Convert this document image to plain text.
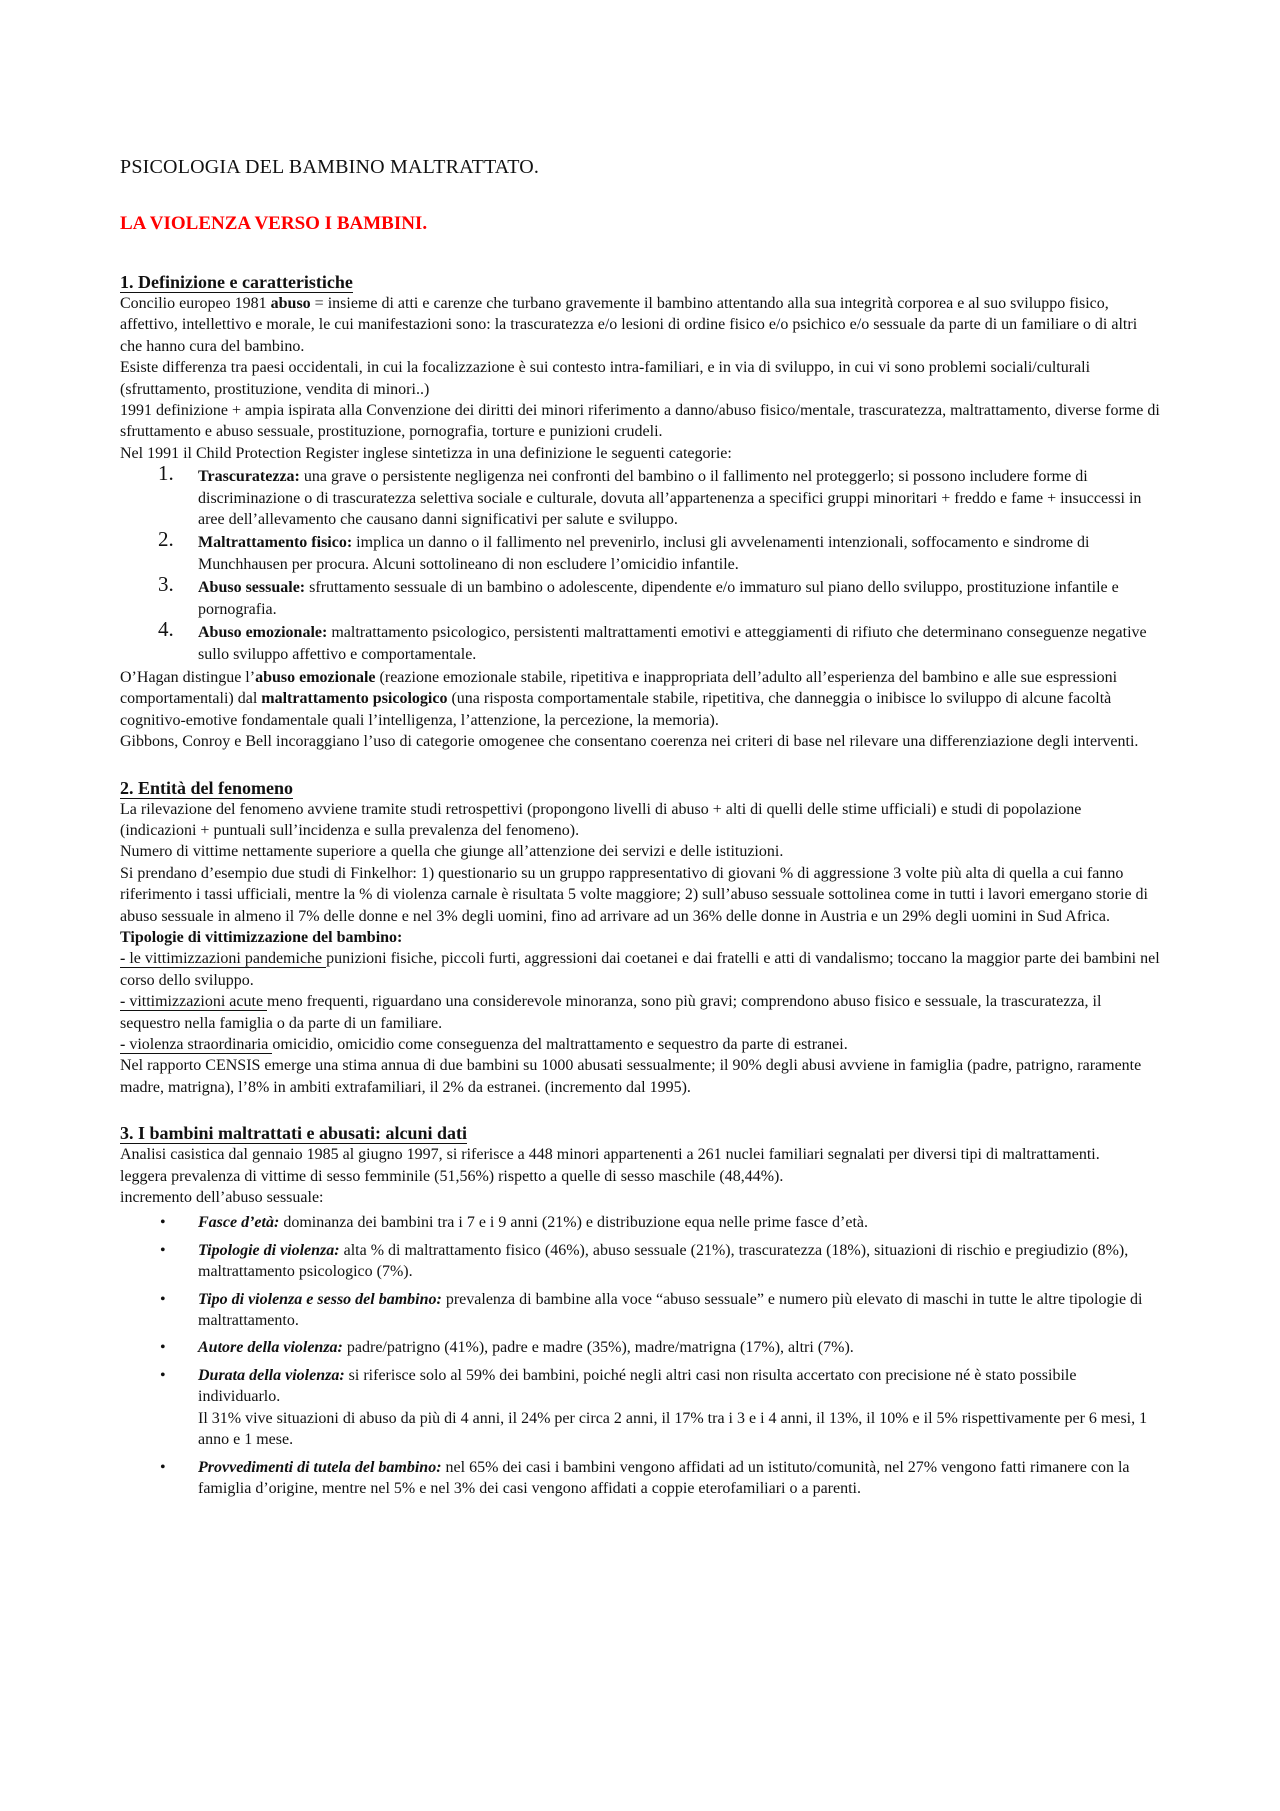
PSICOLOGIA DEL BAMBINO MALTRATTATO.
LA VIOLENZA VERSO I BAMBINI.
1. Definizione e caratteristiche

Concilio europeo 1981 abuso = insieme di atti e carenze che turbano gravemente il bambino attentando alla sua integrità corporea e al suo sviluppo fisico, affettivo, intellettivo e morale, le cui manifestazioni sono: la trascuratezza e/o lesioni di ordine fisico e/o psichico e/o sessuale da parte di un familiare o di altri che hanno cura del bambino.

Esiste differenza tra paesi occidentali, in cui la focalizzazione è sui contesto intra-familiari, e in via di sviluppo, in cui vi sono problemi sociali/culturali (sfruttamento, prostituzione, vendita di minori..)

1991 definizione + ampia ispirata alla Convenzione dei diritti dei minori riferimento a danno/abuso fisico/mentale, trascuratezza, maltrattamento, diverse forme di sfruttamento e abuso sessuale, prostituzione, pornografia, torture e punizioni crudeli.

Nel 1991 il Child Protection Register inglese sintetizza in una definizione le seguenti categorie:

1. Trascuratezza: una grave o persistente negligenza nei confronti del bambino o il fallimento nel proteggerlo; si possono includere forme di discriminazione o di trascuratezza selettiva sociale e culturale, dovuta all’appartenenza a specifici gruppi minoritari + freddo e fame + insuccessi in aree dell’allevamento che causano danni significativi per salute e sviluppo.
2. Maltrattamento fisico: implica un danno o il fallimento nel prevenirlo, inclusi gli avvelenamenti intenzionali, soffocamento e sindrome di Munchhausen per procura. Alcuni sottolineano di non escludere l’omicidio infantile.
3. Abuso sessuale: sfruttamento sessuale di un bambino o adolescente, dipendente e/o immaturo sul piano dello sviluppo, prostituzione infantile e pornografia.
4. Abuso emozionale: maltrattamento psicologico, persistenti maltrattamenti emotivi e atteggiamenti di rifiuto che determinano conseguenze negative sullo sviluppo affettivo e comportamentale.

O’Hagan distingue l’abuso emozionale (reazione emozionale stabile, ripetitiva e inappropriata dell’adulto all’esperienza del bambino e alle sue espressioni comportamentali) dal maltrattamento psicologico (una risposta comportamentale stabile, ripetitiva, che danneggia o inibisce lo sviluppo di alcune facoltà cognitivo-emotive fondamentale quali l’intelligenza, l’attenzione, la percezione, la memoria).

Gibbons, Conroy e Bell incoraggiano l’uso di categorie omogenee che consentano coerenza nei criteri di base nel rilevare una differenziazione degli interventi.

2. Entità del fenomeno

La rilevazione del fenomeno avviene tramite studi retrospettivi (propongono livelli di abuso + alti di quelli delle stime ufficiali) e studi di popolazione (indicazioni + puntuali sull’incidenza e sulla prevalenza del fenomeno).

Numero di vittime nettamente superiore a quella che giunge all’attenzione dei servizi e delle istituzioni.

Si prendano d’esempio due studi di Finkelhor: 1) questionario su un gruppo rappresentativo di giovani % di aggressione 3 volte più alta di quella a cui fanno riferimento i tassi ufficiali, mentre la % di violenza carnale è risultata 5 volte maggiore; 2) sull’abuso sessuale sottolinea come in tutti i lavori emergano storie di abuso sessuale in almeno il 7% delle donne e nel 3% degli uomini, fino ad arrivare ad un 36% delle donne in Austria e un 29% degli uomini in Sud Africa.

Tipologie di vittimizzazione del bambino:

- le vittimizzazioni pandemiche punizioni fisiche, piccoli furti, aggressioni dai coetanei e dai fratelli e atti di vandalismo; toccano la maggior parte dei bambini nel corso dello sviluppo.

- vittimizzazioni acute meno frequenti, riguardano una considerevole minoranza, sono più gravi; comprendono abuso fisico e sessuale, la trascuratezza, il sequestro nella famiglia o da parte di un familiare.

- violenza straordinaria omicidio, omicidio come conseguenza del maltrattamento e sequestro da parte di estranei.

Nel rapporto CENSIS emerge una stima annua di due bambini su 1000 abusati sessualmente; il 90% degli abusi avviene in famiglia (padre, patrigno, raramente madre, matrigna), l’8% in ambiti extrafamiliari, il 2% da estranei. (incremento dal 1995).

3. I bambini maltrattati e abusati: alcuni dati

Analisi casistica dal gennaio 1985 al giugno 1997, si riferisce a 448 minori appartenenti a 261 nuclei familiari segnalati per diversi tipi di maltrattamenti.

leggera prevalenza di vittime di sesso femminile (51,56%) rispetto a quelle di sesso maschile (48,44%).

incremento dell’abuso sessuale:

• Fasce d’età: dominanza dei bambini tra i 7 e i 9 anni (21%) e distribuzione equa nelle prime fasce d’età.
• Tipologie di violenza: alta % di maltrattamento fisico (46%), abuso sessuale (21%), trascuratezza (18%), situazioni di rischio e pregiudizio (8%), maltrattamento psicologico (7%).
• Tipo di violenza e sesso del bambino: prevalenza di bambine alla voce “abuso sessuale” e numero più elevato di maschi in tutte le altre tipologie di maltrattamento.
• Autore della violenza: padre/patrigno (41%), padre e madre (35%), madre/matrigna (17%), altri (7%).
• Durata della violenza: si riferisce solo al 59% dei bambini, poiché negli altri casi non risulta accertato con precisione né è stato possibile individuarlo.
Il 31% vive situazioni di abuso da più di 4 anni, il 24% per circa 2 anni, il 17% tra i 3 e i 4 anni, il 13%, il 10% e il 5% rispettivamente per 6 mesi, 1 anno e 1 mese.
• Provvedimenti di tutela del bambino: nel 65% dei casi i bambini vengono affidati ad un istituto/comunità, nel 27% vengono fatti rimanere con la famiglia d’origine, mentre nel 5% e nel 3% dei casi vengono affidati a coppie eterofamiliari o a parenti.
